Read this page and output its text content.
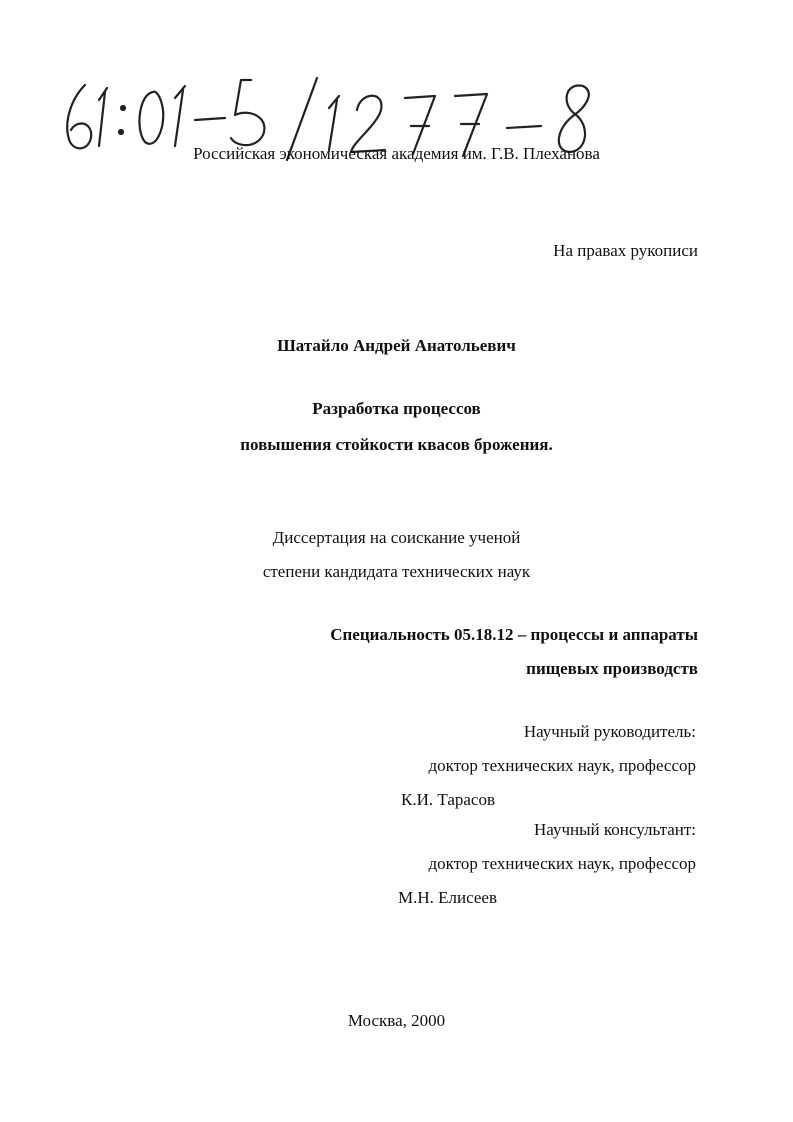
Российская экономическая академия им. Г.В. Плеханова
На правах рукописи
Шатайло Андрей Анатольевич
Разработка процессов
повышения стойкости квасов брожения.
Диссертация на соискание ученой
степени кандидата технических наук
Специальность 05.18.12 – процессы и аппараты
пищевых производств
Научный руководитель:
доктор технических наук, профессор
К.И. Тарасов
Научный консультант:
доктор технических наук, профессор
М.Н. Елисеев
Москва, 2000
